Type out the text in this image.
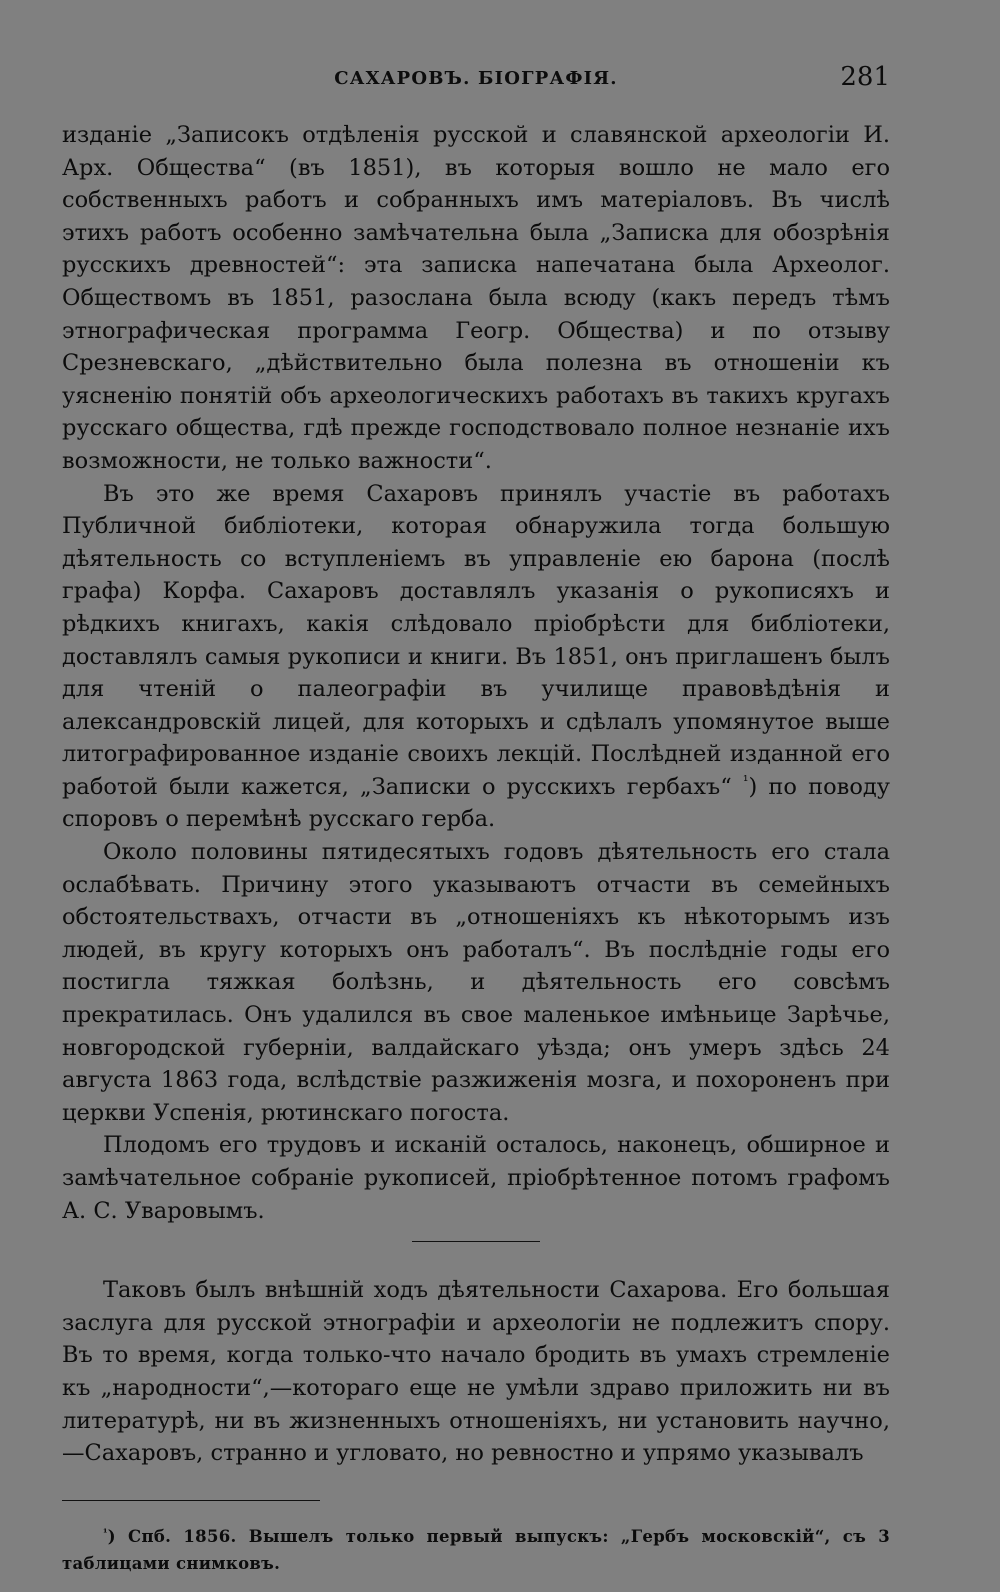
САХАРОВЪ. БІОГРАФІЯ.	281

изданіе „Записокъ отдѣленія русской и славянской археологіи И. Арх. Общества“ (въ 1851), въ которыя вошло не мало его собственныхъ работъ и собранныхъ имъ матеріаловъ. Въ числѣ этихъ работъ особенно замѣчательна была „Записка для обозрѣнія русскихъ древностей“: эта записка напечатана была Археолог. Обществомъ въ 1851, разослана была всюду (какъ передъ тѣмъ этнографическая программа Геогр. Общества) и по отзыву Срезневскаго, „дѣйствительно была полезна въ отношеніи къ уясненію понятій объ археологическихъ работахъ въ такихъ кругахъ русскаго общества, гдѣ прежде господствовало полное незнаніе ихъ возможности, не только важности“.

Въ это же время Сахаровъ принялъ участіе въ работахъ Публичной библіотеки, которая обнаружила тогда большую дѣятельность со вступленіемъ въ управленіе ею барона (послѣ графа) Корфа. Сахаровъ доставлялъ указанія о рукописяхъ и рѣдкихъ книгахъ, какія слѣдовало пріобрѣсти для библіотеки, доставлялъ самыя рукописи и книги. Въ 1851, онъ приглашенъ былъ для чтеній о палеографіи въ училище правовѣдѣнія и александровскій лицей, для которыхъ и сдѣлалъ упомянутое выше литографированное изданіе своихъ лекцій. Послѣдней изданной его работой были кажется, „Записки о русскихъ гербахъ“ $^{^1}$) по поводу споровъ о перемѣнѣ русскаго герба.

Около половины пятидесятыхъ годовъ дѣятельность его стала ослабѣвать. Причину этого указываютъ отчасти въ семейныхъ обстоятельствахъ, отчасти въ „отношеніяхъ къ нѣкоторымъ изъ людей, въ кругу которыхъ онъ работалъ“. Въ послѣдніе годы его постигла тяжкая болѣзнь, и дѣятельность его совсѣмъ прекратилась. Онъ удалился въ свое маленькое имѣньице Зарѣчье, новгородской губерніи, валдайскаго уѣзда; онъ умеръ здѣсь 24 августа 1863 года, вслѣдствіе разжиженія мозга, и похороненъ при церкви Успенія, рютинскаго погоста.

Плодомъ его трудовъ и исканій осталось, наконецъ, обширное и замѣчательное собраніе рукописей, пріобрѣтенное потомъ графомъ А. С. Уваровымъ.

Таковъ былъ внѣшній ходъ дѣятельности Сахарова. Его большая заслуга для русской этнографіи и археологіи не подлежитъ спору. Въ то время, когда только-что начало бродить въ умахъ стремленіе къ „народности“,—котораго еще не умѣли здраво приложить ни въ литературѣ, ни въ жизненныхъ отношеніяхъ, ни установить научно,—Сахаровъ, странно и угловато, но ревностно и упрямо указывалъ

$^{^1}$) Спб. 1856. Вышелъ только первый выпускъ: „Гербъ московскій“, съ 3 таблицами снимковъ.
